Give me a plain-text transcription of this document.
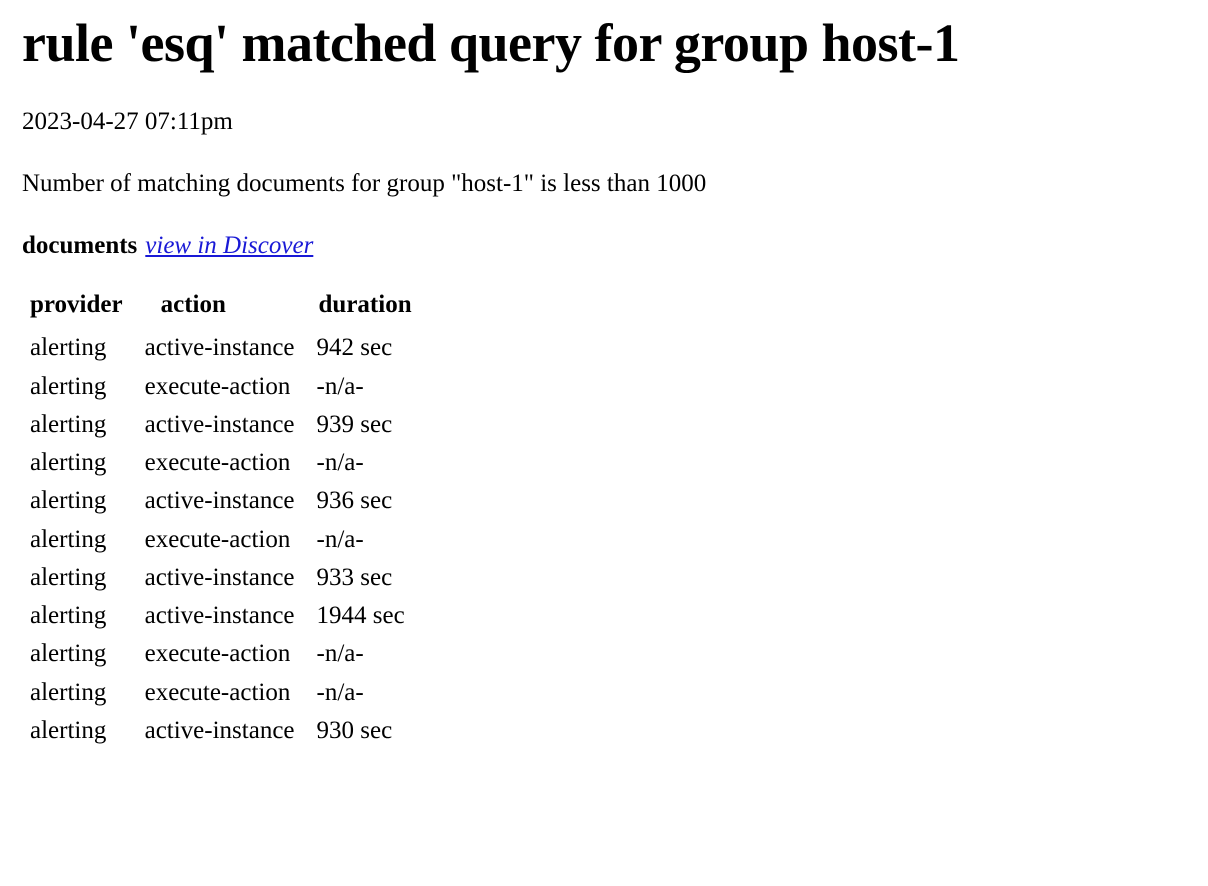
rule 'esq' matched query for group host-1
2023-04-27 07:11pm
Number of matching documents for group "host-1" is less than 1000
documents view in Discover
provider	action	duration
alerting	active-instance	942 sec
alerting	execute-action	-n/a-
alerting	active-instance	939 sec
alerting	execute-action	-n/a-
alerting	active-instance	936 sec
alerting	execute-action	-n/a-
alerting	active-instance	933 sec
alerting	active-instance	1944 sec
alerting	execute-action	-n/a-
alerting	execute-action	-n/a-
alerting	active-instance	930 sec
